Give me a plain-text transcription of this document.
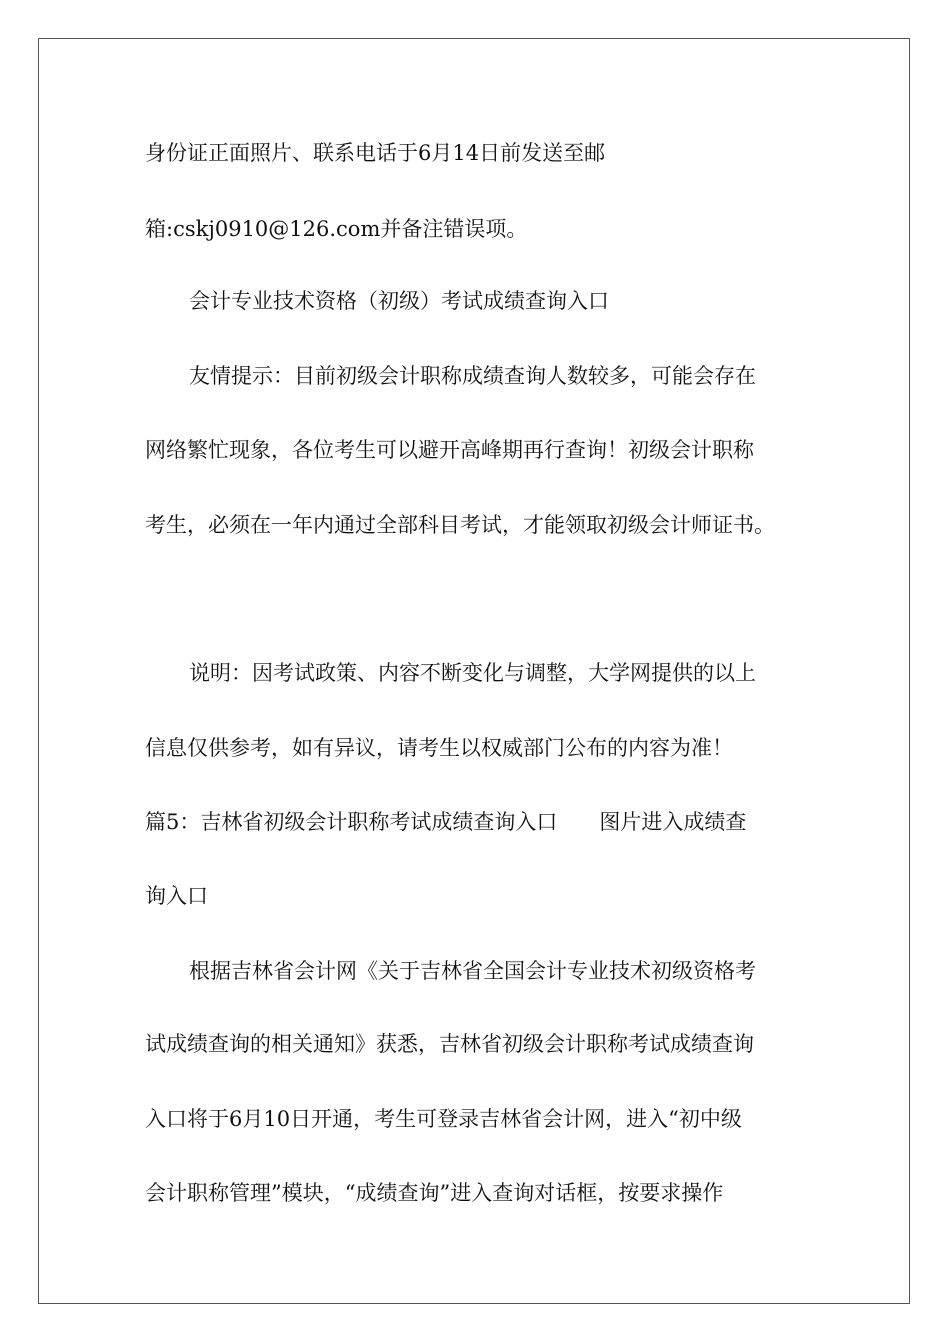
身份证正面照片、联系电话于6月14日前发送至邮
箱:cskj0910@126.com并备注错误项。
会计专业技术资格（初级）考试成绩查询入口
友情提示：目前初级会计职称成绩查询人数较多，可能会存在
网络繁忙现象，各位考生可以避开高峰期再行查询！初级会计职称
考生，必须在一年内通过全部科目考试，才能领取初级会计师证书。
说明：因考试政策、内容不断变化与调整，大学网提供的以上
信息仅供参考，如有异议，请考生以权威部门公布的内容为准！
篇5：吉林省初级会计职称考试成绩查询入口　　图片进入成绩查
询入口
根据吉林省会计网《关于吉林省全国会计专业技术初级资格考
试成绩查询的相关通知》获悉，吉林省初级会计职称考试成绩查询
入口将于6月10日开通，考生可登录吉林省会计网，进入“初中级
会计职称管理”模块，“成绩查询”进入查询对话框，按要求操作
